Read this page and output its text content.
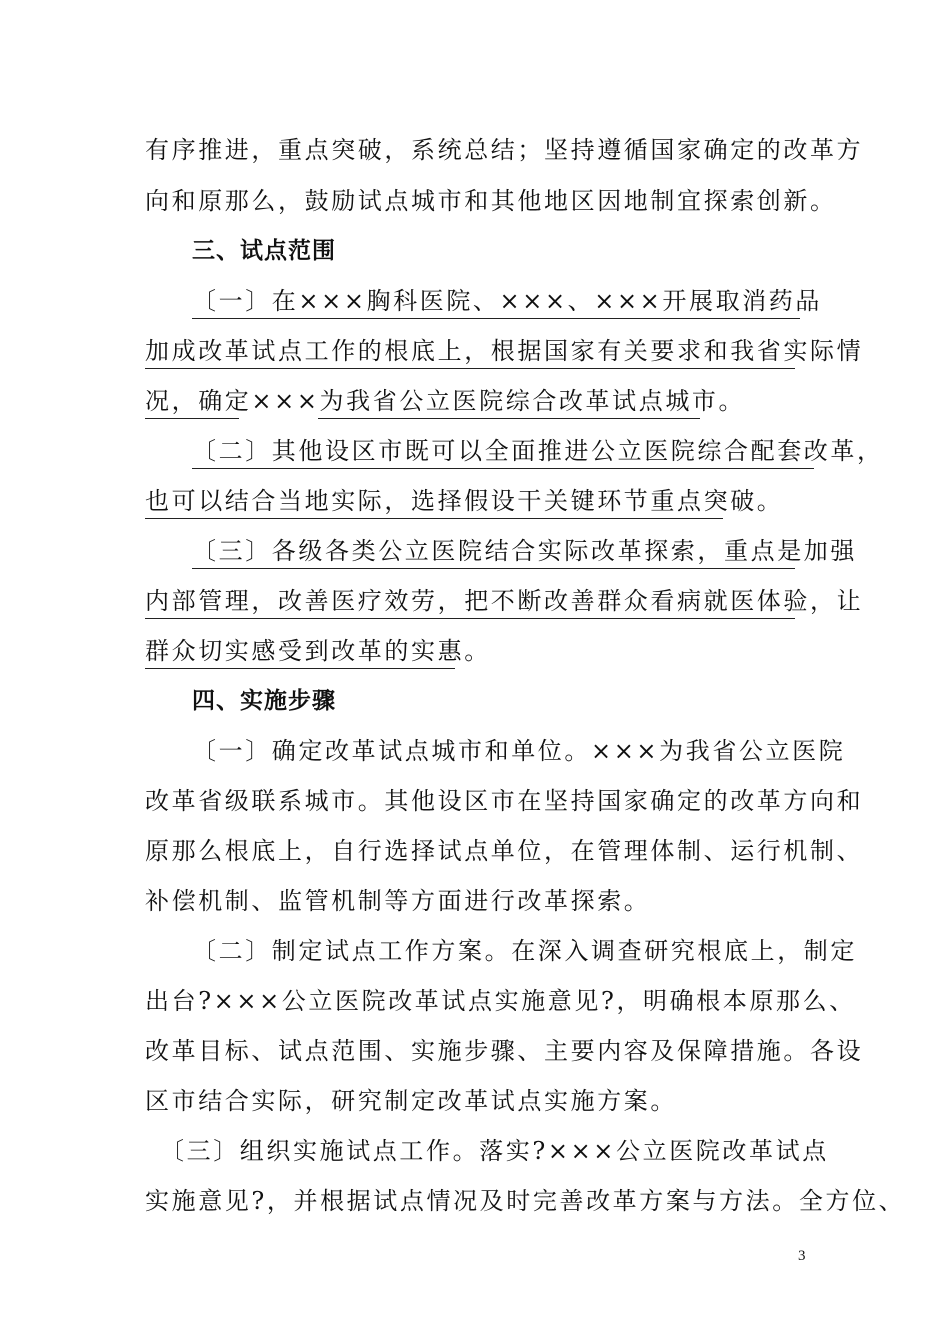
有序推进，重点突破，系统总结；坚持遵循国家确定的改革方
向和原那么，鼓励试点城市和其他地区因地制宜探索创新。
三、试点范围
〔一〕在×××胸科医院、×××、×××开展取消药品
加成改革试点工作的根底上，根据国家有关要求和我省实际情
况，确定×××为我省公立医院综合改革试点城市。
〔二〕其他设区市既可以全面推进公立医院综合配套改革，
也可以结合当地实际，选择假设干关键环节重点突破。
〔三〕各级各类公立医院结合实际改革探索，重点是加强
内部管理，改善医疗效劳，把不断改善群众看病就医体验，让
群众切实感受到改革的实惠。
四、实施步骤
〔一〕确定改革试点城市和单位。×××为我省公立医院
改革省级联系城市。其他设区市在坚持国家确定的改革方向和
原那么根底上，自行选择试点单位，在管理体制、运行机制、
补偿机制、监管机制等方面进行改革探索。
〔二〕制定试点工作方案。在深入调查研究根底上，制定
出台?×××公立医院改革试点实施意见?，明确根本原那么、
改革目标、试点范围、实施步骤、主要内容及保障措施。各设
区市结合实际，研究制定改革试点实施方案。
〔三〕组织实施试点工作。落实?×××公立医院改革试点
实施意见?，并根据试点情况及时完善改革方案与方法。全方位、
3
